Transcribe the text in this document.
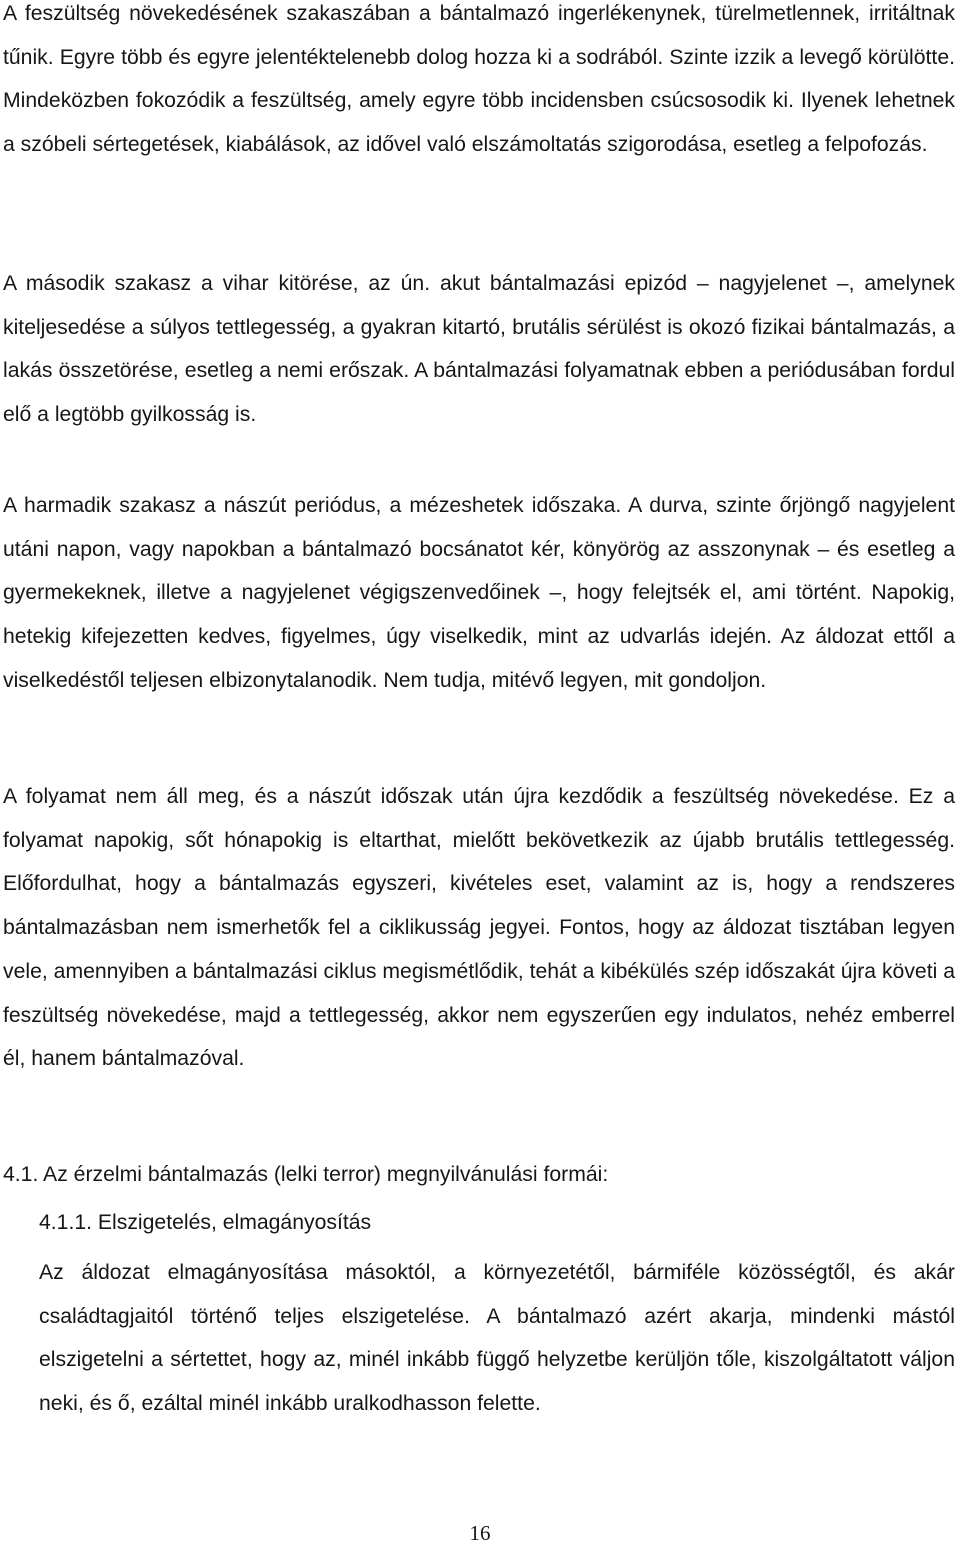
A feszültség növekedésének szakaszában a bántalmazó ingerlékenynek, türelmetlennek, irritáltnak tűnik. Egyre több és egyre jelentéktelenebb dolog hozza ki a sodrából. Szinte izzik a levegő körülötte. Mindeközben fokozódik a feszültség, amely egyre több incidensben csúcsosodik ki. Ilyenek lehetnek a szóbeli sértegetések, kiabálások, az idővel való elszámoltatás szigorodása, esetleg a felpofozás.

A második szakasz a vihar kitörése, az ún. akut bántalmazási epizód – nagyjelenet –, amelynek kiteljesedése a súlyos tettlegesség, a gyakran kitartó, brutális sérülést is okozó fizikai bántalmazás, a lakás összetörése, esetleg a nemi erőszak. A bántalmazási folyamatnak ebben a periódusában fordul elő a legtöbb gyilkosság is.

A harmadik szakasz a nászút periódus, a mézeshetek időszaka. A durva, szinte őrjöngő nagyjelent utáni napon, vagy napokban a bántalmazó bocsánatot kér, könyörög az asszonynak – és esetleg a gyermekeknek, illetve a nagyjelenet végigszenvedőinek –, hogy felejtsék el, ami történt. Napokig, hetekig kifejezetten kedves, figyelmes, úgy viselkedik, mint az udvarlás idején. Az áldozat ettől a viselkedéstől teljesen elbizonytalanodik. Nem tudja, mitévő legyen, mit gondoljon.

A folyamat nem áll meg, és a nászút időszak után újra kezdődik a feszültség növekedése. Ez a folyamat napokig, sőt hónapokig is eltarthat, mielőtt bekövetkezik az újabb brutális tettlegesség. Előfordulhat, hogy a bántalmazás egyszeri, kivételes eset, valamint az is, hogy a rendszeres bántalmazásban nem ismerhetők fel a ciklikusság jegyei. Fontos, hogy az áldozat tisztában legyen vele, amennyiben a bántalmazási ciklus megismétlődik, tehát a kibékülés szép időszakát újra követi a feszültség növekedése, majd a tettlegesség, akkor nem egyszerűen egy indulatos, nehéz emberrel él, hanem bántalmazóval.

4.1. Az érzelmi bántalmazás (lelki terror) megnyilvánulási formái:
4.1.1. Elszigetelés, elmagányosítás

Az áldozat elmagányosítása másoktól, a környezetétől, bármiféle közösségtől, és akár családtagjaitól történő teljes elszigetelése. A bántalmazó azért akarja, mindenki mástól elszigetelni a sértettet, hogy az, minél inkább függő helyzetbe kerüljön tőle, kiszolgáltatott váljon neki, és ő, ezáltal minél inkább uralkodhasson felette.

16
